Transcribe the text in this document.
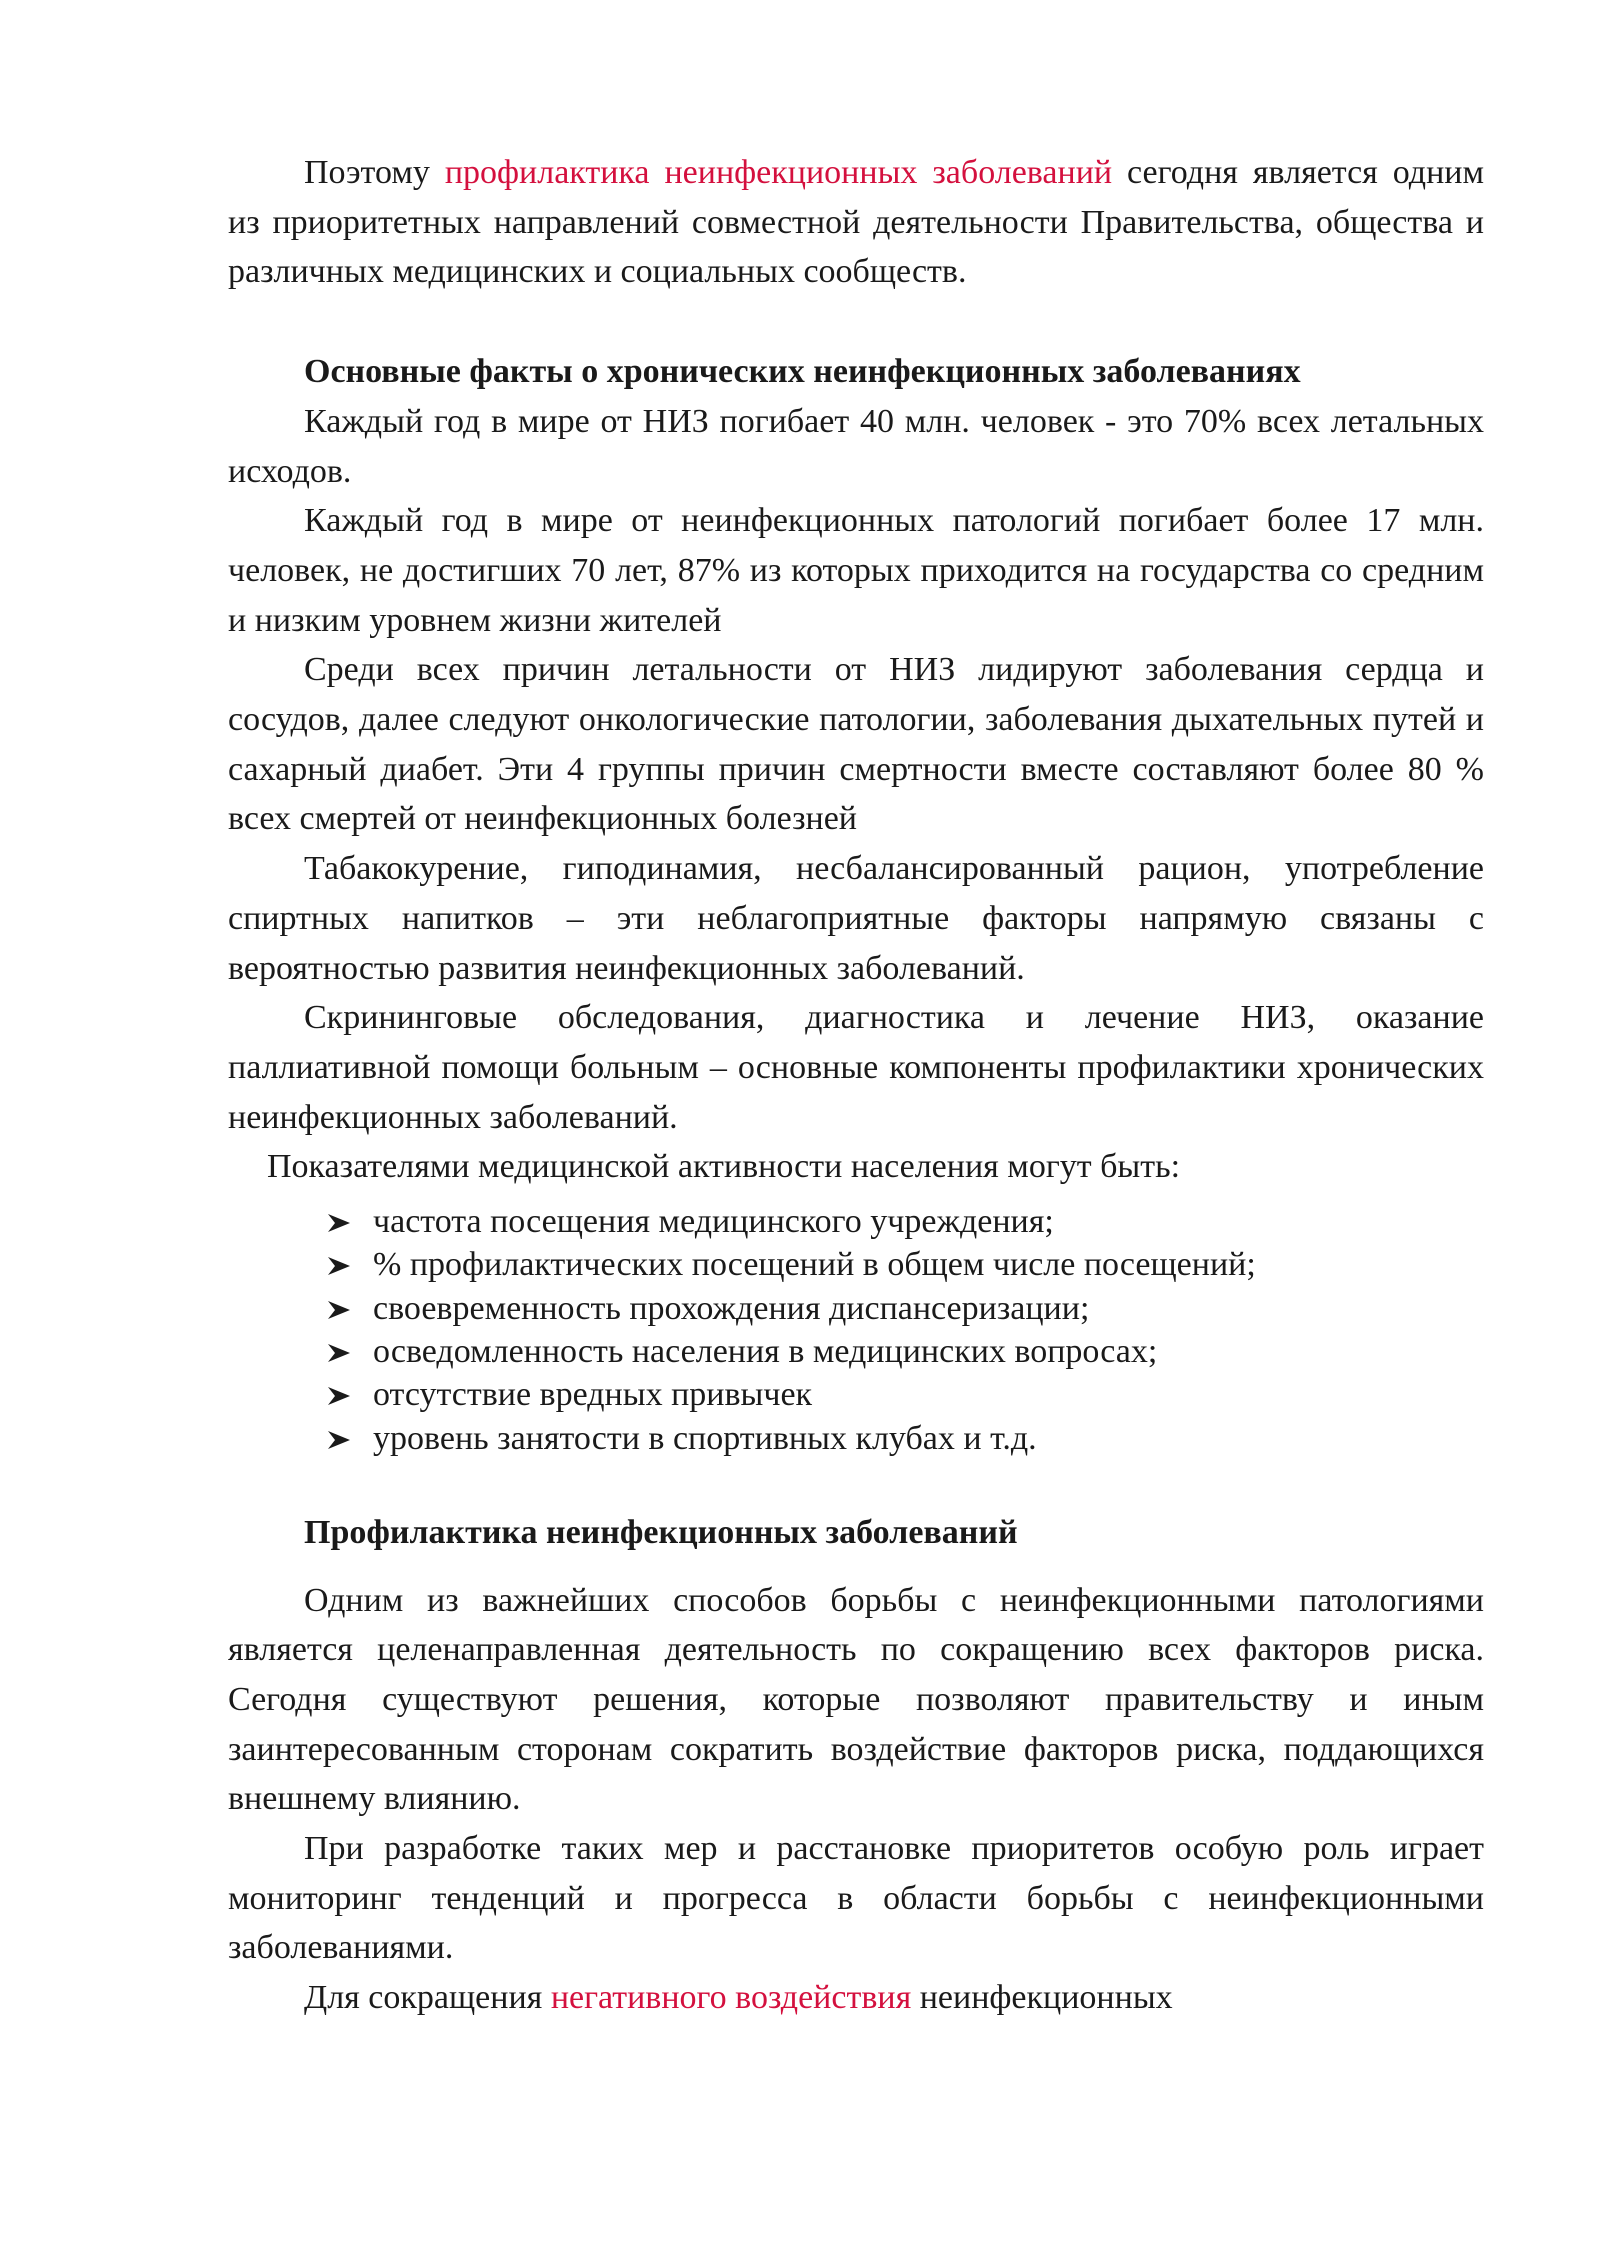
Поэтому профилактика неинфекционных заболеваний сегодня является одним из приоритетных направлений совместной деятельности Правительства, общества и различных медицинских и социальных сообществ.

Основные факты о хронических неинфекционных заболеваниях

Каждый год в мире от НИЗ погибает 40 млн. человек - это 70% всех летальных исходов.

Каждый год в мире от неинфекционных патологий погибает более 17 млн. человек, не достигших 70 лет, 87% из которых приходится на государства со средним и низким уровнем жизни жителей

Среди всех причин летальности от НИЗ лидируют заболевания сердца и сосудов, далее следуют онкологические патологии, заболевания дыхательных путей и сахарный диабет. Эти 4 группы причин смертности вместе составляют более 80 % всех смертей от неинфекционных болезней

Табакокурение, гиподинамия, несбалансированный рацион, употребление спиртных напитков – эти неблагоприятные факторы напрямую связаны с вероятностью развития неинфекционных заболеваний.

Скрининговые обследования, диагностика и лечение НИЗ, оказание паллиативной помощи больным – основные компоненты профилактики хронических неинфекционных заболеваний.

Показателями медицинской активности населения могут быть:

частота посещения медицинского учреждения;
% профилактических посещений в общем числе посещений;
своевременность прохождения диспансеризации;
осведомленность населения в медицинских вопросах;
отсутствие вредных привычек
уровень занятости в спортивных клубах и т.д.

Профилактика неинфекционных заболеваний

Одним из важнейших способов борьбы с неинфекционными патологиями является целенаправленная деятельность по сокращению всех факторов риска. Сегодня существуют решения, которые позволяют правительству и иным заинтересованным сторонам сократить воздействие факторов риска, поддающихся внешнему влиянию.

При разработке таких мер и расстановке приоритетов особую роль играет мониторинг тенденций и прогресса в области борьбы с неинфекционными заболеваниями.

Для сокращения негативного воздействия неинфекционных
